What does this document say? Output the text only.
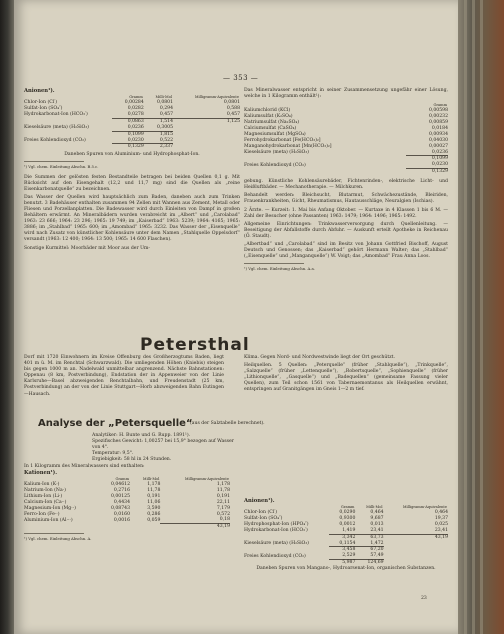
— 353 —
Anionen¹).
	Gramm	Milli-Mol	Milligramm-Aquivalente
Chlor-Ion (Cl′)	0,00284	0,0801	0,0801
Sulfat-Ion (SO₄″)	0,0282	0,294	0,588
Hydrokarbonat-Ion (HCO₃′)	0,0278	0,457	0,457
	0,0863	1,514	1,125
Kieselsäure (meta) (H₂SiO₃)	0,0236	0,3005	
	0,1099	1,815	
Freies Kohlendioxyd (CO₂)	0,0230	0,522	
	0,1329	2,337	
Daneben Spuren von Aluminium- und Hydrophosphat-Ion.
¹) Vgl. chem. Einleitung Abschn. B.5.c.

Die Summen der gelösten festen Bestandteile betragen bei beiden Quellen 0,1 g. Mit Rücksicht auf den Eisengehalt (12,2 und 11,7 mg) sind die Quellen als „reine Eisenkarbonatquelle“ zu bezeichnen.

Das Wasser der Quellen wird hauptsächlich zum Baden, daneben auch zum Trinken benutzt. 3 Badehäuser enthalten zusammen 94 Zellen mit Wannen aus Zement, Metall oder Fliesen und Porzellanplatten. Die Badewasser wird durch Einleiten von Dampf in großen Behältern erwärmt. An Mineralbädern wurden verabreicht im „Albert“ und „Carolabad“ 1963: 23 666; 1964: 23 296; 1965: 19 749; im „Kaiserbad“ 1963: 5239; 1964: 4165; 1965: 3886; im „Stahlbad“ 1965: 600; im „Amombad“ 1965: 3232. Das Wasser der „Eisenquelle“ wird nach Zusatz von künstlicher Kohlensäure unter dem Namen „Stahlquelle Oppelsdorf“ versandt (1963: 12 400; 1964: 13 500; 1965: 14 600 Flaschen).

Sonstige Kurmittel: Moorbäder mit Moor aus der Um-

Das Mineralwasser entspricht in seiner Zusammensetzung ungefähr einer Lösung, welche in 1 Kilogramm enthält¹):

	Gramm
Kaliumchlorid (KCl)	0,00598
Kaliumsulfat (K₂SO₄)	0,00232
Natriumsulfat (Na₂SO₄)	0,00859
Calciumsulfat (CaSO₄)	0,0184
Magnesiumsulfat (MgSO₄)	0,00934
Ferrohydrokarbonat [Fe(HCO₃)₂]	0,04030
Manganohydrokarbonat [Mn(HCO₃)₂]	0,00027
Kieselsäure (meta) (H₂SiO₃)	0,0236
	0,1099
Freies Kohlendioxyd (CO₂)	0,0230
	0,1329

gebung. Künstliche Kohlensäurebäder, Fichtenrinden-, elektrische Licht- und Heißluftbäder. — Mechanotherapie. — Milchkuren.

Behandelt werden: Bleichsucht, Blutarmut, Schwächezustände, Bleiriden, Frauenkrankheiten, Gicht, Rheumatismus, Hautausschläge, Neuralgien (Ischias).

2 Ärzte. — Kurzeit: 1. Mai bis Anfang Oktober. — Kurtaxe in 4 Klassen 1 bis 6 M. — Zahl der Besucher (ohne Passanten) 1963: 1479; 1964: 1496; 1965: 1492.

Allgemeine Einrichtungen: Trinkwasserversorgung durch Quellenleitung. — Beseitigung der Abfallstoffe durch Abfuhr. — Auskunft erteilt Apotheke in Reichenau (Ö. Staudt).

„Albertbad“ und „Carolabad“ sind im Besitz von Johann Gottfried Bischoff, August Deutsch und Genossen; das „Kaiserbad“ gehört Hermann Walter; das „Stahlbad“ („Eisenquelle“ und „Manganquelle“) W. Voigt; das „Amombad“ Frau Anna Loos.

¹) Vgl. chem. Einleitung Abschn. A.a.
Petersthal

Dorf mit 1720 Einwohnern im Kreise Offenburg des Großherzogtums Baden, liegt 401 m ü. M. im Renchtal (Schwarzwald). Die umliegenden Höhen (Kniebis) steigen bis gegen 1000 m an. Nadelwald unmittelbar angrenzend. Nächste Bahnstationen: Oppenau (8 km, Postverbindung), Endstation der in Appenweier von der Linie Karlsruhe—Basel abzweigenden Renchtalbahn, und Freudenstadt (25 km, Postverbindung) an der von der Linie Stuttgart—Horb abzweigenden Bahn Eutingen—Hausach.

Klima. Gegen Nord- und Nordwestwinde liegt der Ort geschützt.

Heilquellen. 5 Quellen: „Peterquelle“ (früher „Stahlquelle“), „Trinkquelle“, „Salzquelle“ (früher „Lettenquelle“), „Robertsquelle“, „Sophienquelle“ (früher „Lithionquelle“, „Gasquelle“) und „Badequellen“ (gemeinsame Fassung vieler Quellen), zum Teil schon 1561 von Tabernaemontanus als Heilquellen erwähnt, entspringen auf Granitgängen im Gneis 1—2 m tief.

Analyse der „Petersquelle“
(aus der Salztabelle berechnet).
Analytiker: H. Bunte und G. Rupp. 1891¹).
Spezifisches Gewicht: 1,00257 bei 15,9° bezogen auf Wasser von 4°.
Temperatur: 9,5°.
Ergiebigkeit: 58 hl in 24 Stunden.
In 1 Kilogramm des Mineralwassers sind enthalten:
Kationen¹).
	Gramm	Milli-Mol	Milligramm-Aquivalente
Kalium-Ion (K·)	0,04612	1,178	1,178
Natrium-Ion (Na·)	0,2716	11,78	11,78
Lithium-Ion (Li·)	0,00125	0,191	0,191
Calcium-Ion (Ca··)	0,4434	11,06	22,11
Magnesium-Ion (Mg··)	0,08743	3,590	7,179
Ferro-Ion (Fe··)	0,0160	0,286	0,572
Aluminium-Ion (Al···)	0,0016	0,059	0,18
			43,19
¹) Vgl. chem. Einleitung Abschn. A.
Anionen¹).
	Gramm	Milli-Mol	Milligramm-Aquivalente
Chlor-Ion (Cl′)	0,0290	0,464	0,464
Sulfat-Ion (SO₄″)	0,9300	9,687	19,37
Hydrophosphat-Ion (HPO₄″)	0,0012	0,013	0,025
Hydrokarbonat-Ion (HCO₃′)	1,419	23,41	23,41
	3,342	63,73	43,19
Kieselsäure (meta) (H₂SiO₃)	0,1154	1,472	
	3,458	67,20	
Freies Kohlendioxyd (CO₂)	2,529	57,49	
	5,987	124,69	
Daneben Spuren von Mangano-, Hydroarsenat-Ion, organischen Substanzen.
23
